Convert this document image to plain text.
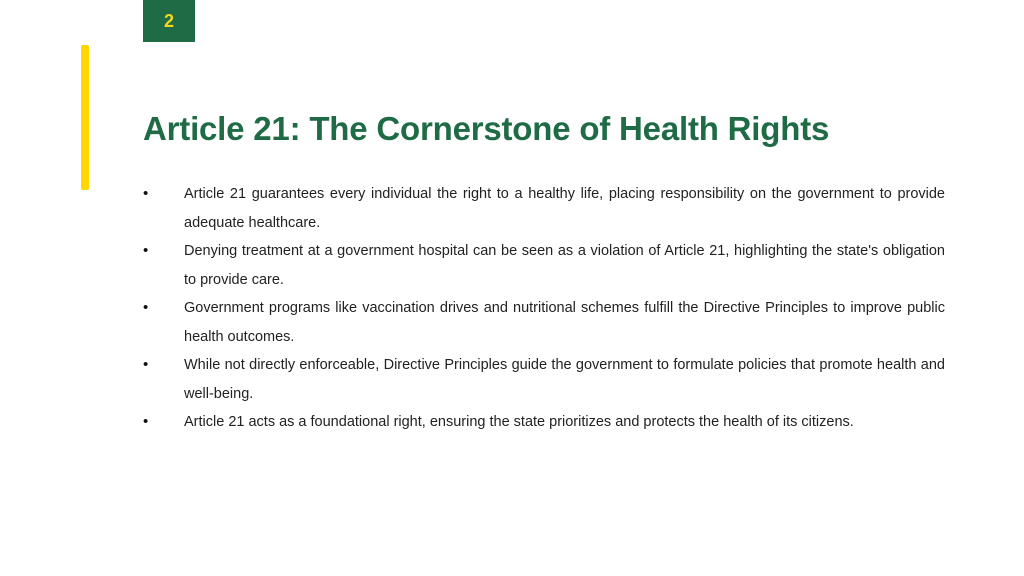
2
Article 21: The Cornerstone of Health Rights
•	Article 21 guarantees every individual the right to a healthy life, placing responsibility on the government to provide adequate healthcare.
•	Denying treatment at a government hospital can be seen as a violation of Article 21, highlighting the state's obligation to provide care.
•	Government programs like vaccination drives and nutritional schemes fulfill the Directive Principles to improve public health outcomes.
•	While not directly enforceable, Directive Principles guide the government to formulate policies that promote health and well-being.
•	Article 21 acts as a foundational right, ensuring the state prioritizes and protects the health of its citizens.
